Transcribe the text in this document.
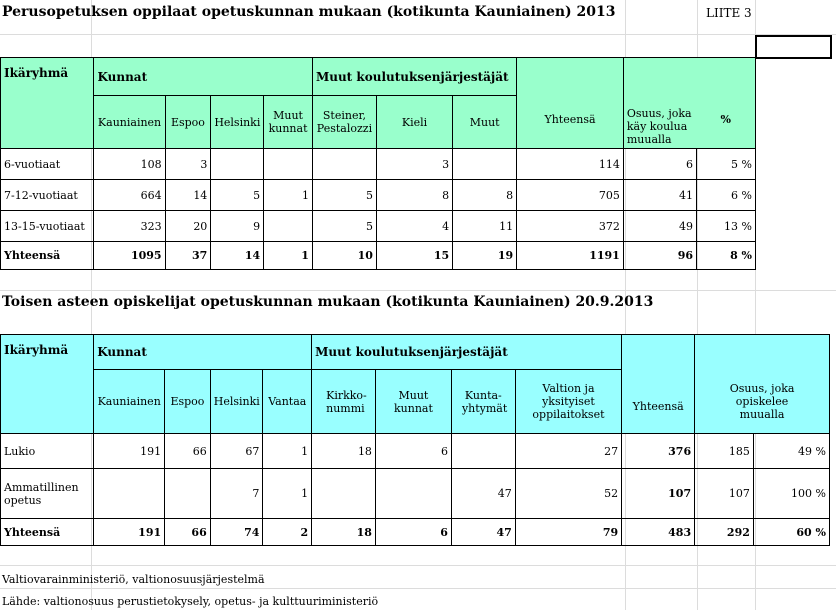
Perusopetuksen oppilaat opetuskunnan mukaan (kotikunta Kauniainen) 2013	LIITE 3
Ikäryhmä	Kunnat				Muut koulutuksenjärjestäjät			Yhteensä	Osuus, joka käy koulua muualla	%
	Kauniainen	Espoo	Helsinki	Muut kunnat	Steiner, Pestalozzi	Kieli	Muut			
6-vuotiaat	108	3				3		114	6	5 %
7-12-vuotiaat	664	14	5	1	5	8	8	705	41	6 %
13-15-vuotiaat	323	20	9		5	4	11	372	49	13 %
Yhteensä	1095	37	14	1	10	15	19	1191	96	8 %
Toisen asteen opiskelijat opetuskunnan mukaan (kotikunta Kauniainen) 20.9.2013
Ikäryhmä	Kunnat				Muut koulutuksenjärjestäjät				Yhteensä	Osuus, joka opiskelee muualla	
	Kauniainen	Espoo	Helsinki	Vantaa	Kirkko-nummi	Muut kunnat	Kunta-yhtymät	Valtion ja yksityiset oppilaitokset			
Lukio	191	66	67	1	18	6		27	376	185	49 %
Ammatillinen opetus			7	1			47	52	107	107	100 %
Yhteensä	191	66	74	2	18	6	47	79	483	292	60 %
Valtiovarainministeriö, valtionosuusjärjestelmä
Lähde: valtionosuus perustietokysely, opetus- ja kulttuuriministeriö
